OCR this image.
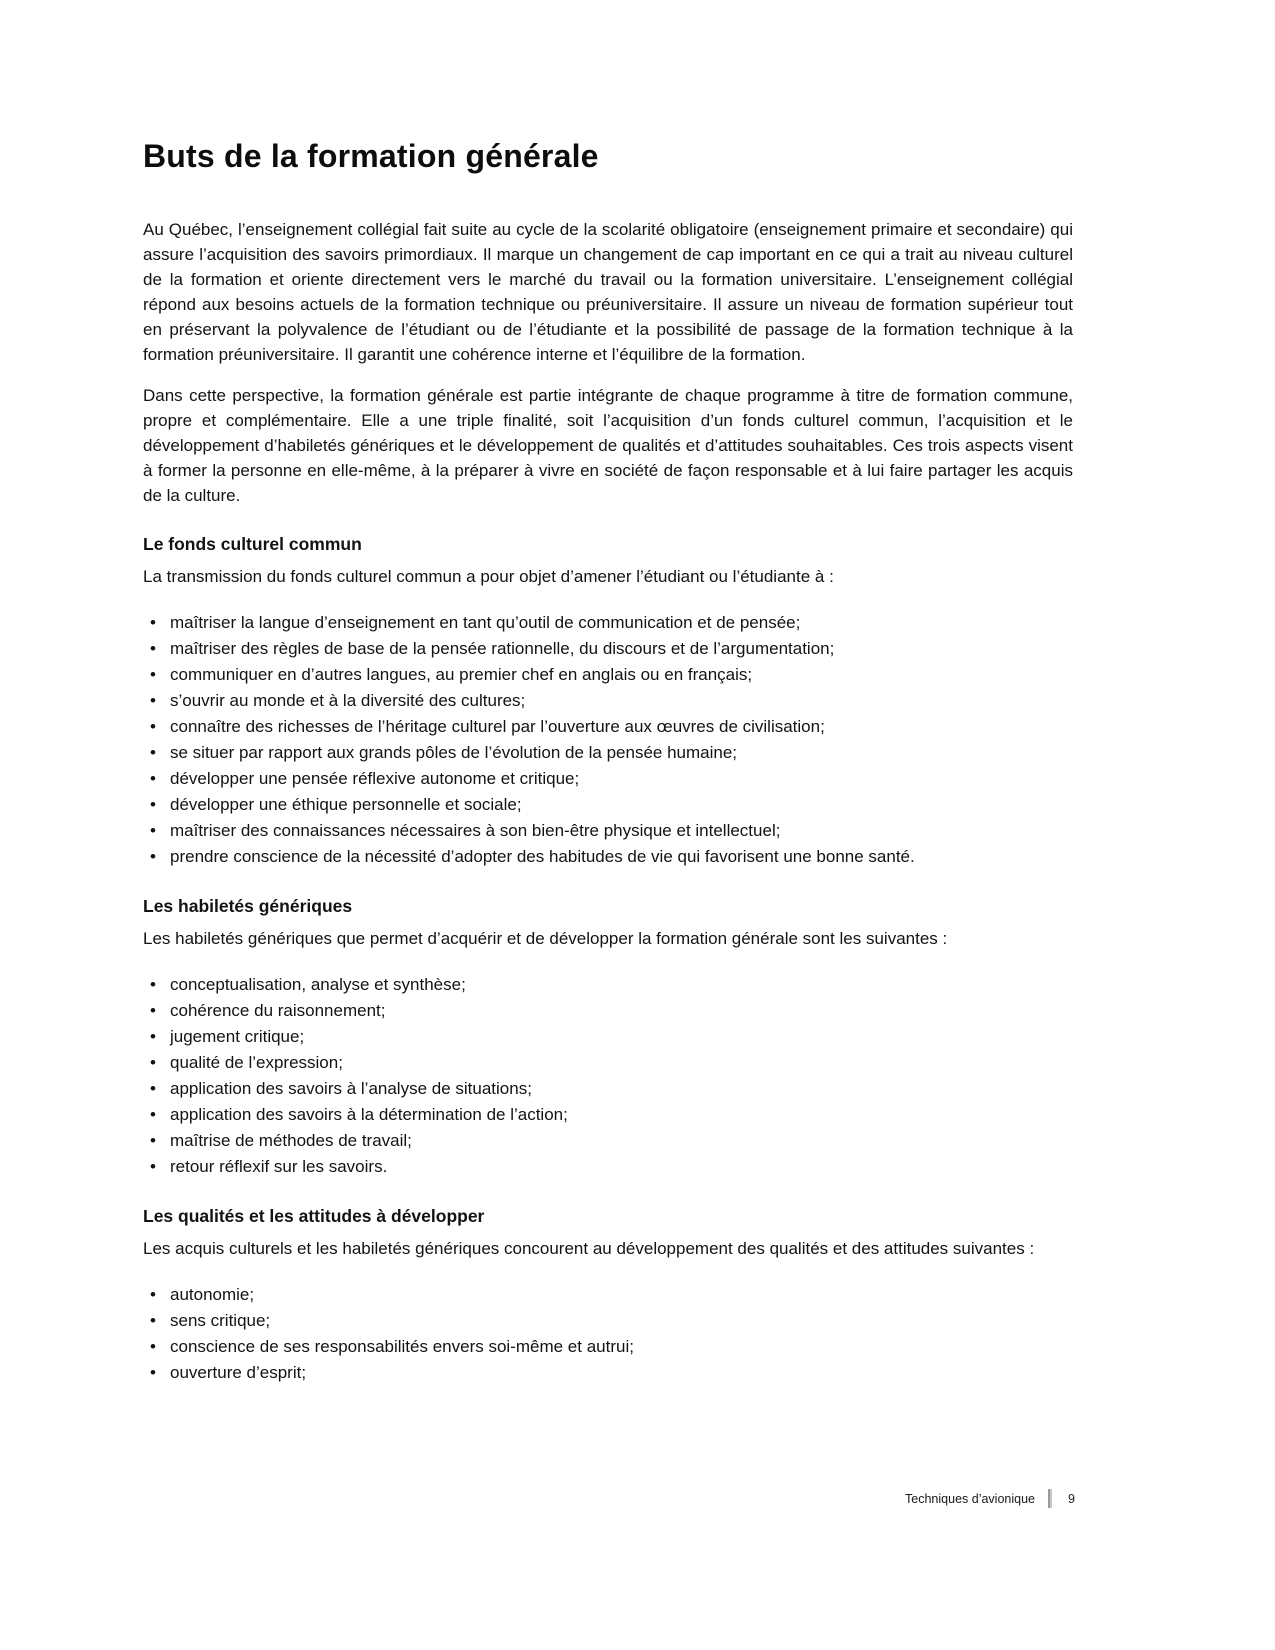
Buts de la formation générale

Au Québec, l’enseignement collégial fait suite au cycle de la scolarité obligatoire (enseignement primaire et secondaire) qui assure l’acquisition des savoirs primordiaux. Il marque un changement de cap important en ce qui a trait au niveau culturel de la formation et oriente directement vers le marché du travail ou la formation universitaire. L’enseignement collégial répond aux besoins actuels de la formation technique ou préuniversitaire. Il assure un niveau de formation supérieur tout en préservant la polyvalence de l’étudiant ou de l’étudiante et la possibilité de passage de la formation technique à la formation préuniversitaire. Il garantit une cohérence interne et l’équilibre de la formation.

Dans cette perspective, la formation générale est partie intégrante de chaque programme à titre de formation commune, propre et complémentaire. Elle a une triple finalité, soit l’acquisition d’un fonds culturel commun, l’acquisition et le développement d’habiletés génériques et le développement de qualités et d’attitudes souhaitables. Ces trois aspects visent à former la personne en elle-même, à la préparer à vivre en société de façon responsable et à lui faire partager les acquis de la culture.

Le fonds culturel commun

La transmission du fonds culturel commun a pour objet d’amener l’étudiant ou l’étudiante à :

• maîtriser la langue d’enseignement en tant qu’outil de communication et de pensée;
• maîtriser des règles de base de la pensée rationnelle, du discours et de l’argumentation;
• communiquer en d’autres langues, au premier chef en anglais ou en français;
• s’ouvrir au monde et à la diversité des cultures;
• connaître des richesses de l’héritage culturel par l’ouverture aux œuvres de civilisation;
• se situer par rapport aux grands pôles de l’évolution de la pensée humaine;
• développer une pensée réflexive autonome et critique;
• développer une éthique personnelle et sociale;
• maîtriser des connaissances nécessaires à son bien-être physique et intellectuel;
• prendre conscience de la nécessité d’adopter des habitudes de vie qui favorisent une bonne santé.
Les habiletés génériques

Les habiletés génériques que permet d’acquérir et de développer la formation générale sont les suivantes :

• conceptualisation, analyse et synthèse;
• cohérence du raisonnement;
• jugement critique;
• qualité de l’expression;
• application des savoirs à l’analyse de situations;
• application des savoirs à la détermination de l’action;
• maîtrise de méthodes de travail;
• retour réflexif sur les savoirs.
Les qualités et les attitudes à développer

Les acquis culturels et les habiletés génériques concourent au développement des qualités et des attitudes suivantes :

• autonomie;
• sens critique;
• conscience de ses responsabilités envers soi-même et autrui;
• ouverture d’esprit;
Techniques d’avionique	9
